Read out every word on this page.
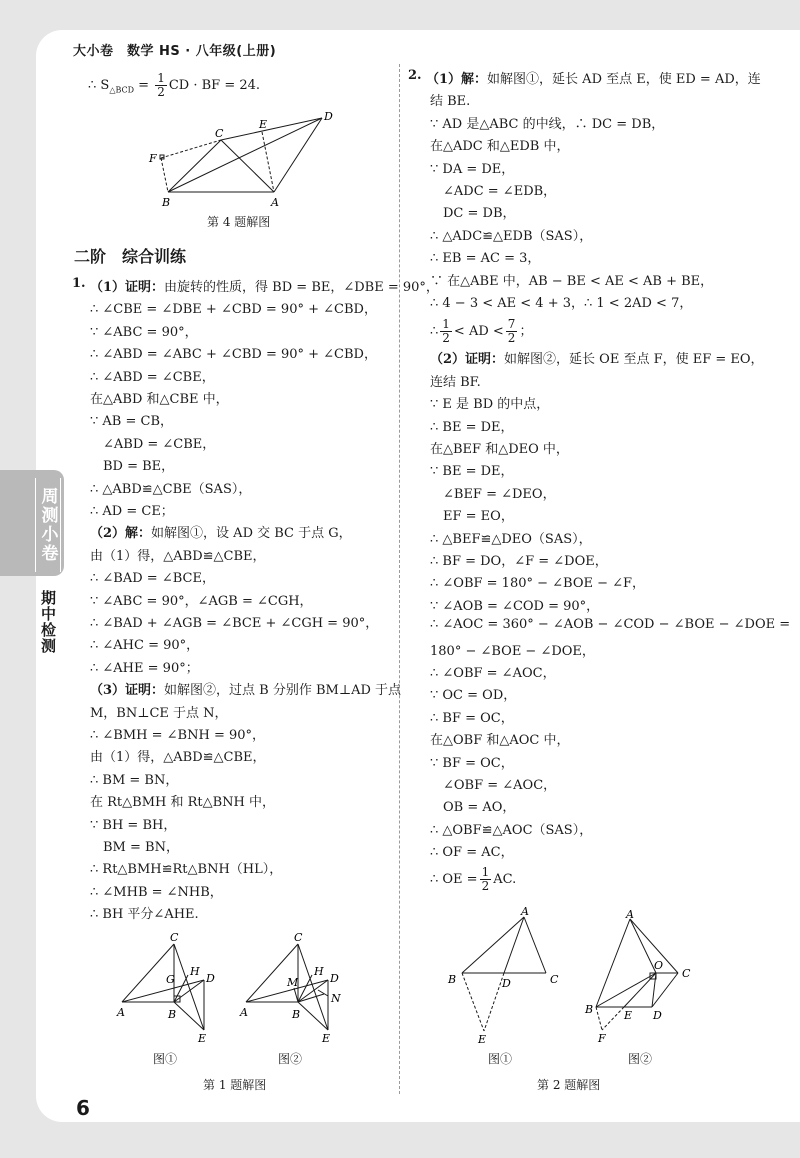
大小卷　数学 HS · 八年级(上册)
周测小卷
期中检测
∴ $S_{\triangle BCD} = \frac{1}{2}$ CD · BF = 24.
C
E
D
F
B	A
第 4 题解图
二阶　综合训练
1. （1）证明：由旋转的性质，得 BD = BE，∠DBE = 90°，
∴ ∠CBE = ∠DBE + ∠CBD = 90° + ∠CBD，
∵ ∠ABC = 90°，
∴ ∠ABD = ∠ABC + ∠CBD = 90° + ∠CBD，
∴ ∠ABD = ∠CBE，
在△ABD 和△CBE 中，
∵ AB = CB，
　∠ABD = ∠CBE，
　BD = BE，
∴ △ABD≌△CBE（SAS），
∴ AD = CE；
（2）解：如解图①，设 AD 交 BC 于点 G，
由（1）得，△ABD≌△CBE，
∴ ∠BAD = ∠BCE，
∵ ∠ABC = 90°，∠AGB = ∠CGH，
∴ ∠BAD + ∠AGB = ∠BCE + ∠CGH = 90°，
∴ ∠AHC = 90°，
∴ ∠AHE = 90°；
（3）证明：如解图②，过点 B 分别作 BM⊥AD 于点
M，BN⊥CE 于点 N，
∴ ∠BMH = ∠BNH = 90°，
由（1）得，△ABD≌△CBE，
∴ BM = BN，
在 Rt△BMH 和 Rt△BNH 中，
∵ BH = BH，
　BM = BN，
∴ Rt△BMH≌Rt△BNH（HL），
∴ ∠MHB = ∠NHB，
∴ BH 平分∠AHE.
C
G
H
D
A	B
E
C
M
H
D
N
A	B
E
图①	图②
第 1 题解图
2. （1）解：如解图①，延长 AD 至点 E，使 ED = AD，连
结 BE.
∵ AD 是△ABC 的中线，∴ DC = DB，
在△ADC 和△EDB 中，
∵ DA = DE，
　∠ADC = ∠EDB，
　DC = DB，
∴ △ADC≌△EDB（SAS），
∴ EB = AC = 3，
∵ 在△ABE 中，AB − BE < AE < AB + BE，
∴ 4 − 3 < AE < 4 + 3，∴ 1 < 2AD < 7，
∴ $\frac{1}{2}$ < AD < $\frac{7}{2}$ ；
（2）证明：如解图②，延长 OE 至点 F，使 EF = EO，
连结 BF.
∵ E 是 BD 的中点，
∴ BE = DE，
在△BEF 和△DEO 中，
∵ BE = DE，
　∠BEF = ∠DEO，
　EF = EO，
∴ △BEF≌△DEO（SAS），
∴ BF = DO，∠F = ∠DOE，
∴ ∠OBF = 180° − ∠BOE − ∠F，
∵ ∠AOB = ∠COD = 90°，
∴ ∠AOC = 360° − ∠AOB − ∠COD − ∠BOE − ∠DOE =
180° − ∠BOE − ∠DOE，
∴ ∠OBF = ∠AOC，
∵ OC = OD，
∴ BF = OC，
在△OBF 和△AOC 中，
∵ BF = OC，
　∠OBF = ∠AOC，
　OB = AO，
∴ △OBF≌△AOC（SAS），
∴ OF = AC，
∴ OE = $\frac{1}{2}$ AC.
A
B	D	C
E
A
O
C
B	E D
F
图①	图②
第 2 题解图
6
